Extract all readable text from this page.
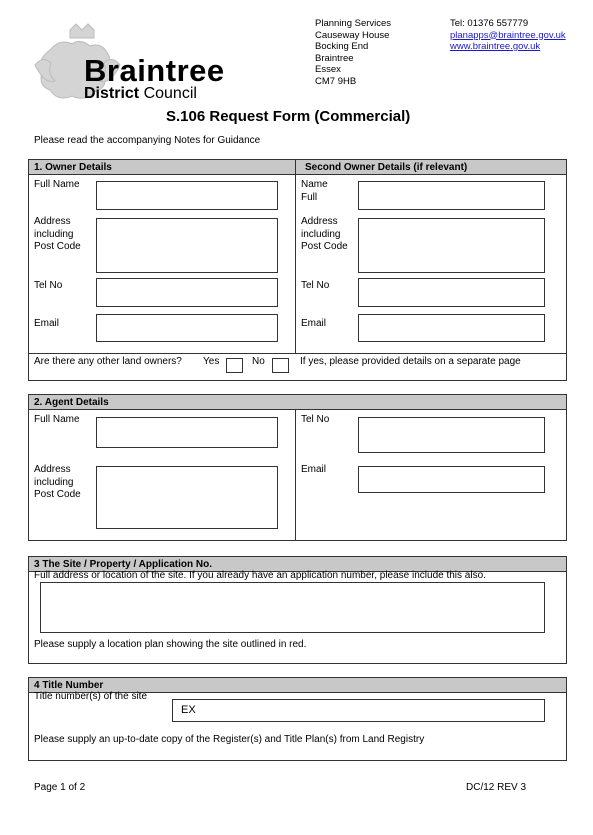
Braintree
District Council
Planning Services
Causeway House
Bocking End
Braintree
Essex
CM7 9HB
Tel: 01376 557779
planapps@braintree.gov.uk
www.braintree.gov.uk
S.106 Request Form (Commercial)
Please read the accompanying Notes for Guidance
1. Owner Details	Second Owner Details (if relevant)
Full Name
Address
including
Post Code
Tel No
Email
Name
Full
Address
including
Post Code
Tel No
Email
Are there any other land owners? Yes	No	If yes, please provided details on a separate page
2. Agent Details
Full Name
Address
including
Post Code
Tel No
Email
3 The Site / Property / Application No.
Full address or location of the site. If you already have an application number, please include this also.
Please supply a location plan showing the site outlined in red.
4 Title Number
Title number(s) of the site
EX
Please supply an up-to-date copy of the Register(s) and Title Plan(s) from Land Registry
Page 1 of 2	DC/12 REV 3
